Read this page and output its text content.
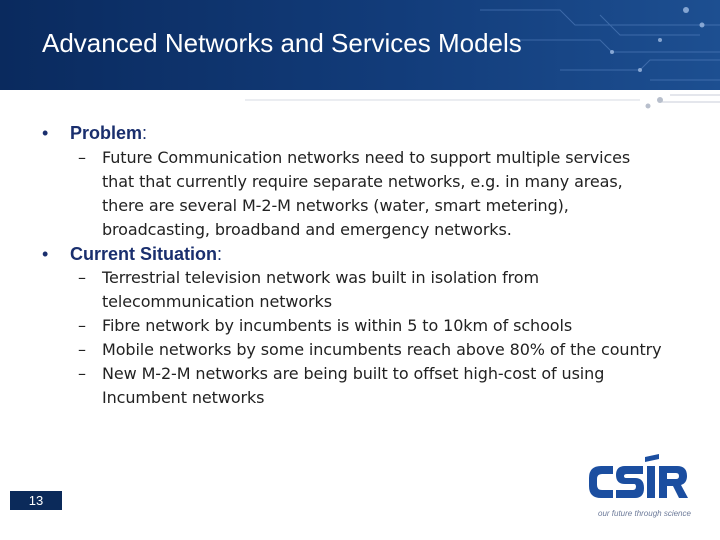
Advanced Networks and Services Models
• Problem:
– Future Communication networks need to support multiple services
that that currently require separate networks, e.g. in many areas,
there are several M-2-M networks (water, smart metering),
broadcasting, broadband and emergency networks.
• Current Situation:
– Terrestrial television network was built in isolation from
telecommunication networks
– Fibre network by incumbents is within 5 to 10km of schools
– Mobile networks by some incumbents reach above 80% of the country
– New M-2-M networks are being built to offset high-cost of using
Incumbent networks
13
our future through science
